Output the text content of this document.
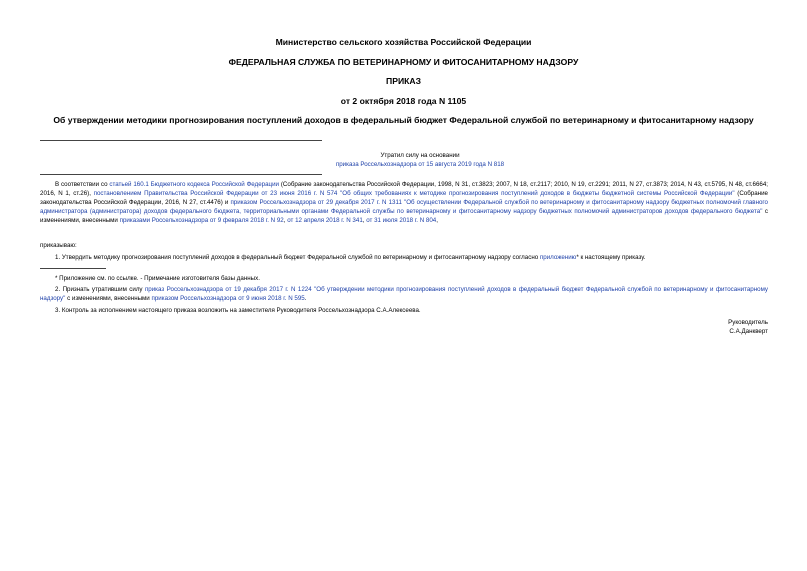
Министерство сельского хозяйства Российской Федерации
ФЕДЕРАЛЬНАЯ СЛУЖБА ПО ВЕТЕРИНАРНОМУ И ФИТОСАНИТАРНОМУ НАДЗОРУ
ПРИКАЗ
от 2 октября 2018 года N 1105
Об утверждении методики прогнозирования поступлений доходов в федеральный бюджет Федеральной службой по ветеринарному и фитосанитарному надзору
Утратил силу на основании
приказа Россельхознадзора от 15 августа 2019 года N 818

В соответствии со статьей 160.1 Бюджетного кодекса Российской Федерации (Собрание законодательства Российской Федерации, 1998, N 31, ст.3823; 2007, N 18, ст.2117; 2010, N 19, ст.2291; 2011, N 27, ст.3873; 2014, N 43, ст.5795, N 48, ст.6664; 2016, N 1, ст.26), постановлением Правительства Российской Федерации от 23 июня 2016 г. N 574 "Об общих требованиях к методике прогнозирования поступлений доходов в бюджеты бюджетной системы Российской Федерации" (Собрание законодательства Российской Федерации, 2016, N 27, ст.4476) и приказом Россельхознадзора от 29 декабря 2017 г. N 1311 "Об осуществлении Федеральной службой по ветеринарному и фитосанитарному надзору бюджетных полномочий главного администратора (администратора) доходов федерального бюджета, территориальными органами Федеральной службы по ветеринарному и фитосанитарному надзору бюджетных полномочий администраторов доходов федерального бюджета" с изменениями, внесенными приказами Россельхознадзора от 9 февраля 2018 г. N 92, от 12 апреля 2018 г. N 341, от 31 июля 2018 г. N 804,

приказываю:

1. Утвердить методику прогнозирования поступлений доходов в федеральный бюджет Федеральной службой по ветеринарному и фитосанитарному надзору согласно приложению* к настоящему приказу.

* Приложение см. по ссылке. - Примечание изготовителя базы данных.

2. Признать утратившим силу приказ Россельхознадзора от 19 декабря 2017 г. N 1224 "Об утверждении методики прогнозирования поступлений доходов в федеральный бюджет Федеральной службой по ветеринарному и фитосанитарному надзору" с изменениями, внесенными приказом Россельхознадзора от 9 июня 2018 г. N 595.

3. Контроль за исполнением настоящего приказа возложить на заместителя Руководителя Россельхознадзора С.А.Алексеева.

Руководитель
С.А.Данкверт
